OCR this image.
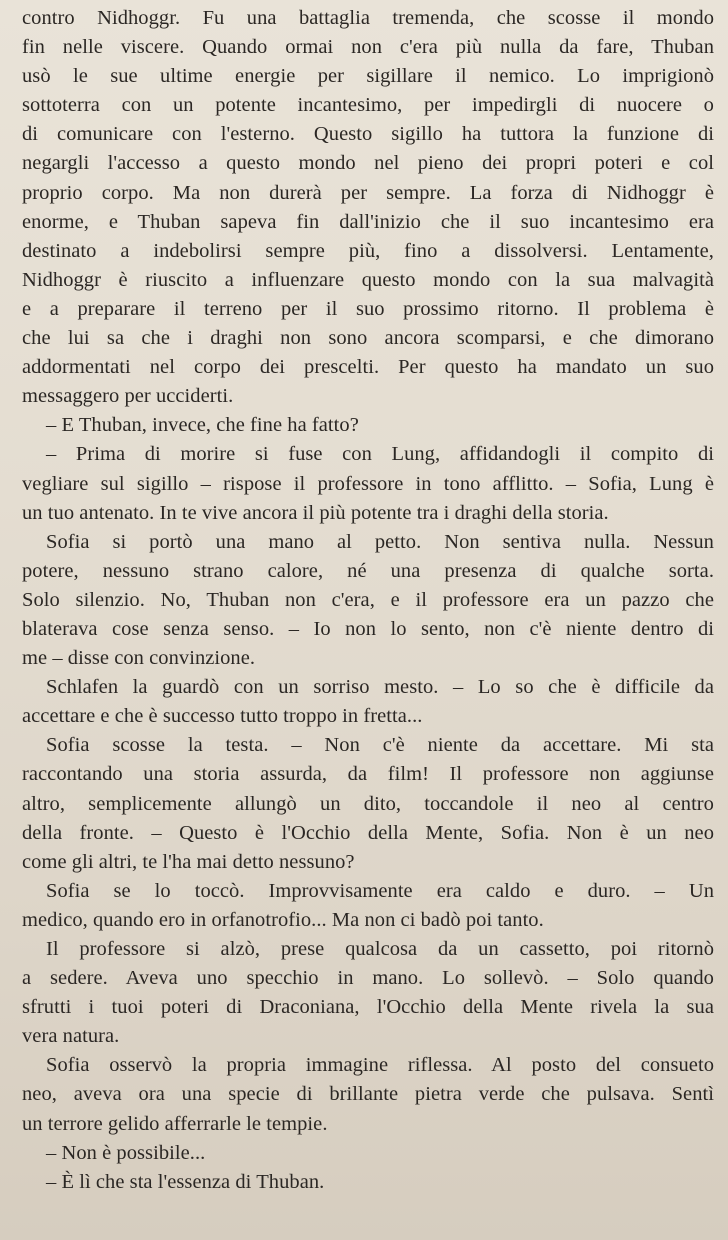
contro Nidhoggr. Fu una battaglia tremenda, che scosse il mondo
fin nelle viscere. Quando ormai non c'era più nulla da fare, Thuban
usò le sue ultime energie per sigillare il nemico. Lo imprigionò
sottoterra con un potente incantesimo, per impedirgli di nuocere o
di comunicare con l'esterno. Questo sigillo ha tuttora la funzione di
negargli l'accesso a questo mondo nel pieno dei propri poteri e col
proprio corpo. Ma non durerà per sempre. La forza di Nidhoggr è
enorme, e Thuban sapeva fin dall'inizio che il suo incantesimo era
destinato a indebolirsi sempre più, fino a dissolversi. Lentamente,
Nidhoggr è riuscito a influenzare questo mondo con la sua malvagità
e a preparare il terreno per il suo prossimo ritorno. Il problema è
che lui sa che i draghi non sono ancora scomparsi, e che dimorano
addormentati nel corpo dei prescelti. Per questo ha mandato un suo
messaggero per ucciderti.
– E Thuban, invece, che fine ha fatto?
– Prima di morire si fuse con Lung, affidandogli il compito di
vegliare sul sigillo – rispose il professore in tono afflitto. – Sofia, Lung è
un tuo antenato. In te vive ancora il più potente tra i draghi della storia.
Sofia si portò una mano al petto. Non sentiva nulla. Nessun
potere, nessuno strano calore, né una presenza di qualche sorta.
Solo silenzio. No, Thuban non c'era, e il professore era un pazzo che
blaterava cose senza senso. – Io non lo sento, non c'è niente dentro di
me – disse con convinzione.
Schlafen la guardò con un sorriso mesto. – Lo so che è difficile da
accettare e che è successo tutto troppo in fretta...
Sofia scosse la testa. – Non c'è niente da accettare. Mi sta
raccontando una storia assurda, da film! Il professore non aggiunse
altro, semplicemente allungò un dito, toccandole il neo al centro
della fronte. – Questo è l'Occhio della Mente, Sofia. Non è un neo
come gli altri, te l'ha mai detto nessuno?
Sofia se lo toccò. Improvvisamente era caldo e duro. – Un
medico, quando ero in orfanotrofio... Ma non ci badò poi tanto.
Il professore si alzò, prese qualcosa da un cassetto, poi ritornò
a sedere. Aveva uno specchio in mano. Lo sollevò. – Solo quando
sfrutti i tuoi poteri di Draconiana, l'Occhio della Mente rivela la sua
vera natura.
Sofia osservò la propria immagine riflessa. Al posto del consueto
neo, aveva ora una specie di brillante pietra verde che pulsava. Sentì
un terrore gelido afferrarle le tempie.
– Non è possibile...
– È lì che sta l'essenza di Thuban.
